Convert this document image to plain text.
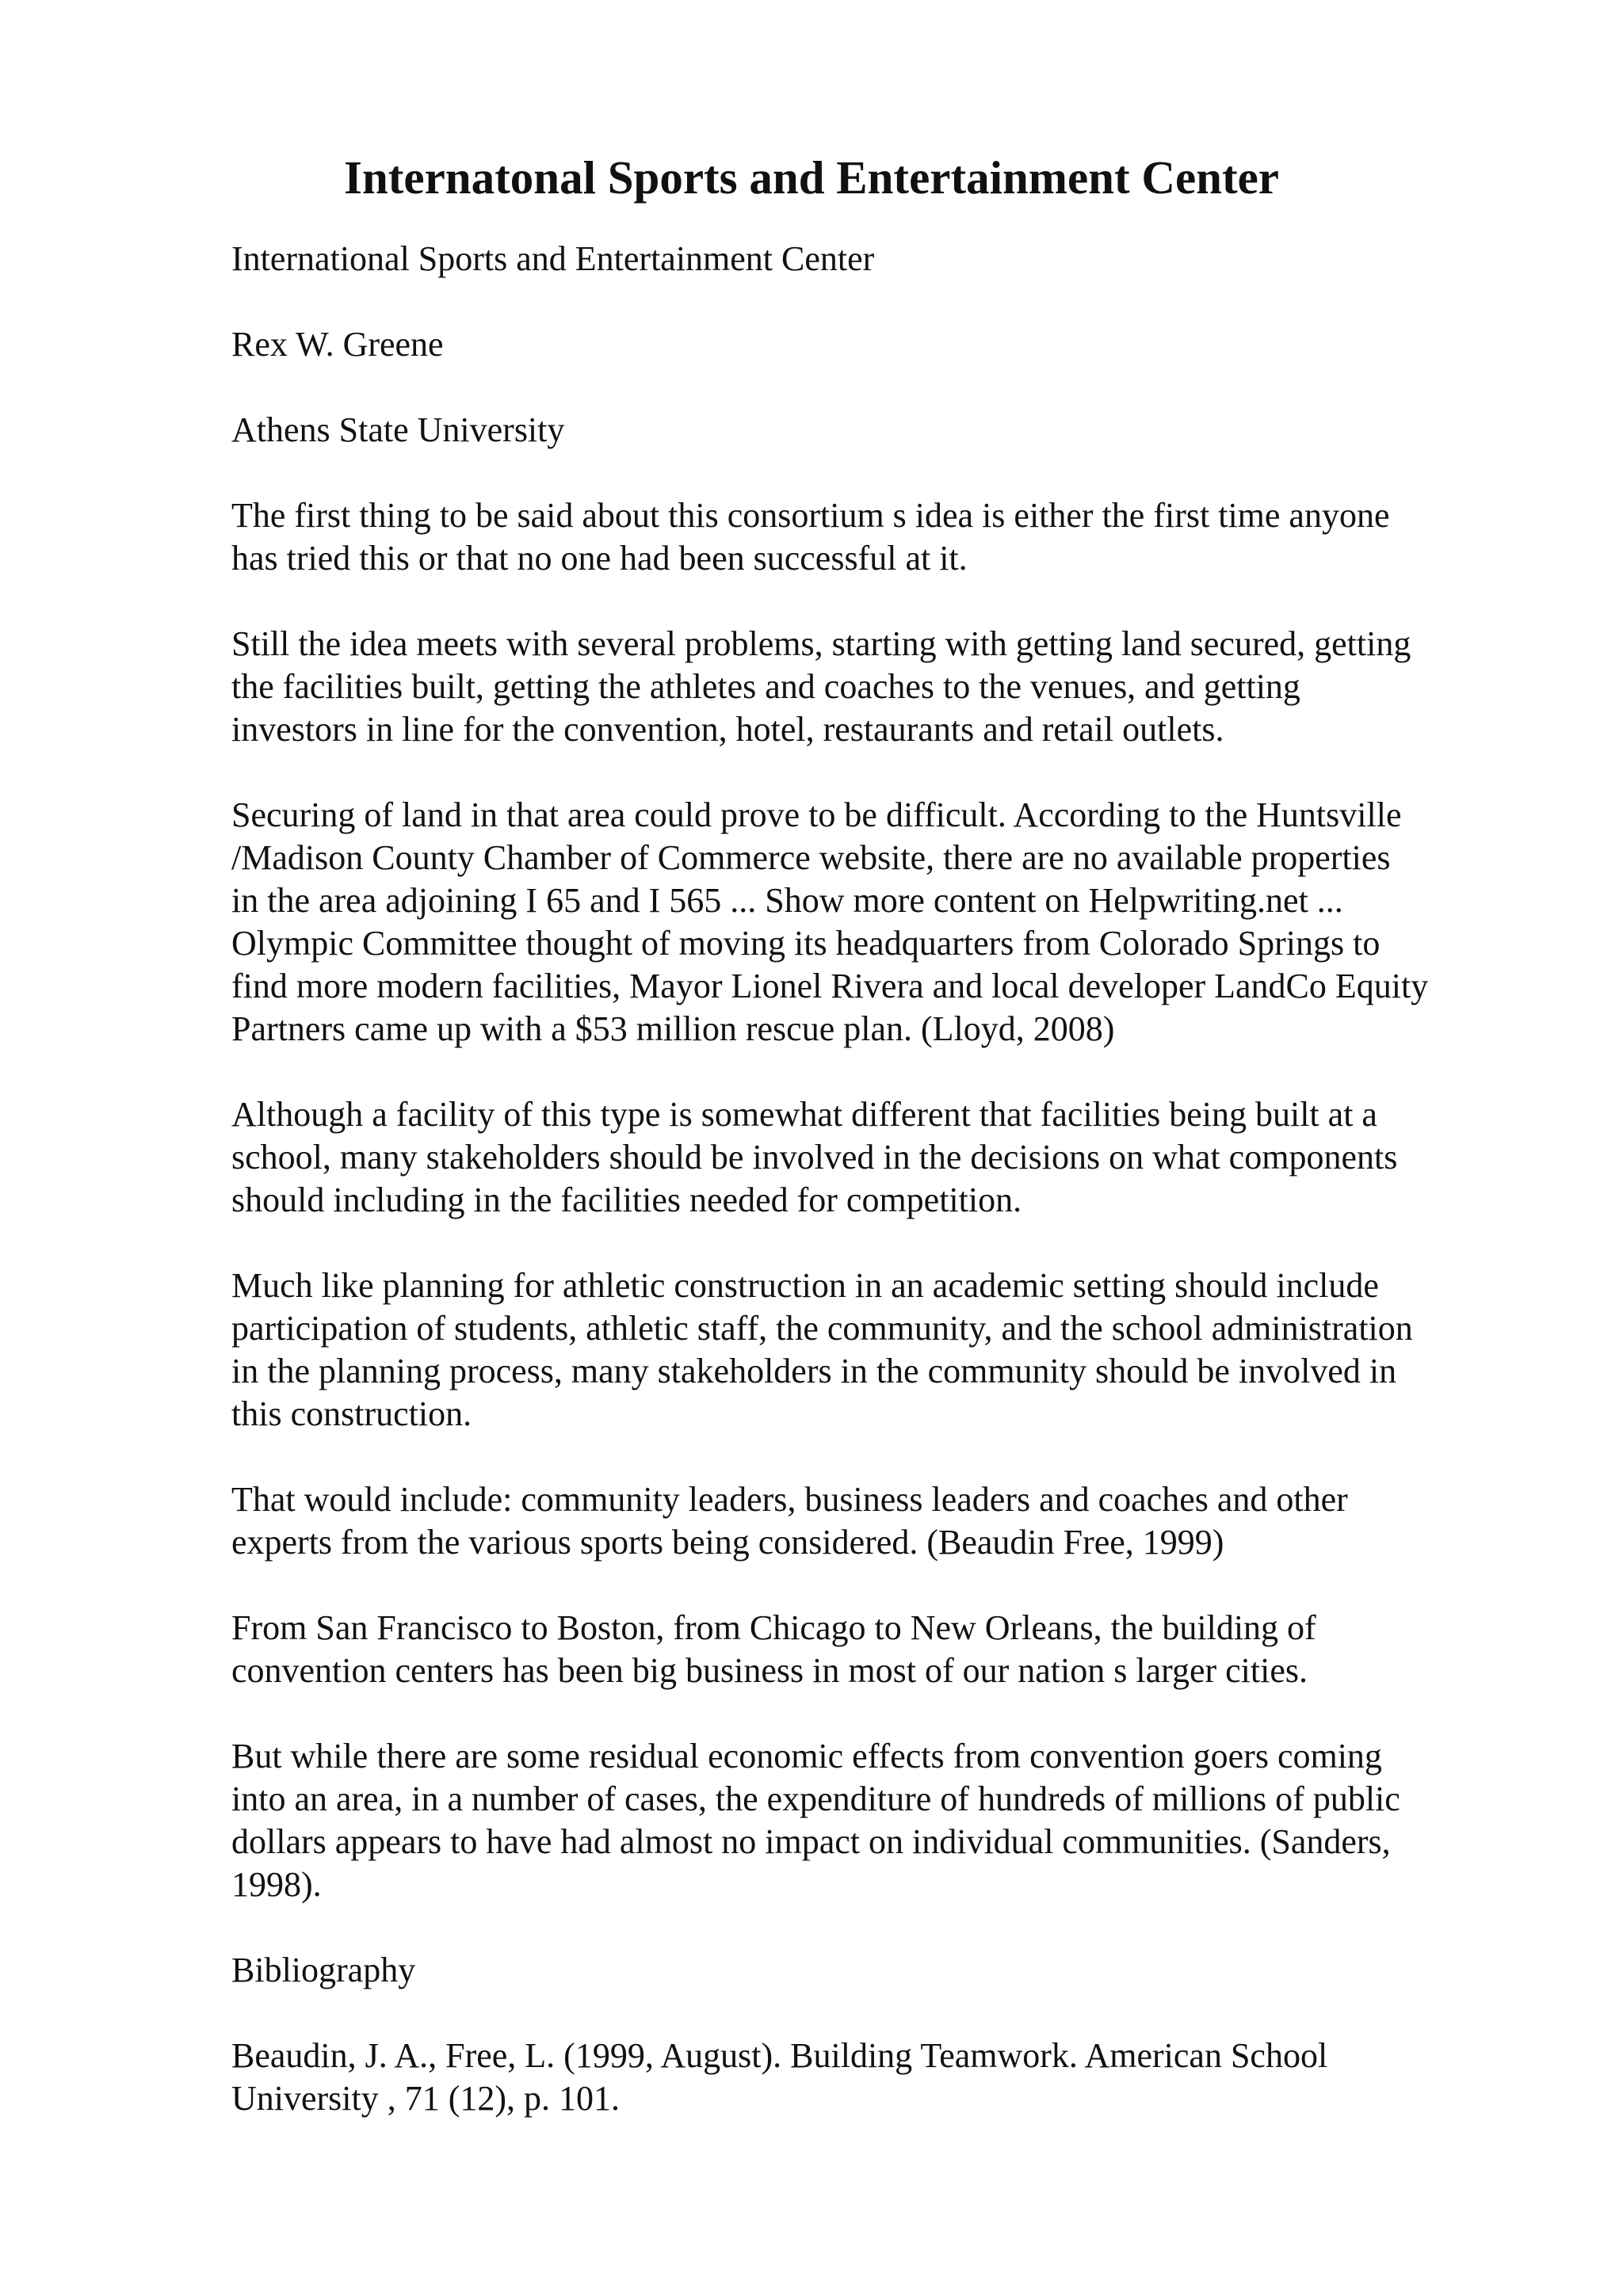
Internatonal Sports and Entertainment Center

International Sports and Entertainment Center

Rex W. Greene

Athens State University

The first thing to be said about this consortium s idea is either the first time anyone
has tried this or that no one had been successful at it.

Still the idea meets with several problems, starting with getting land secured, getting
the facilities built, getting the athletes and coaches to the venues, and getting
investors in line for the convention, hotel, restaurants and retail outlets.

Securing of land in that area could prove to be difficult. According to the Huntsville
/Madison County Chamber of Commerce website, there are no available properties
in the area adjoining I 65 and I 565 ... Show more content on Helpwriting.net ...
Olympic Committee thought of moving its headquarters from Colorado Springs to
find more modern facilities, Mayor Lionel Rivera and local developer LandCo Equity
Partners came up with a $53 million rescue plan. (Lloyd, 2008)

Although a facility of this type is somewhat different that facilities being built at a
school, many stakeholders should be involved in the decisions on what components
should including in the facilities needed for competition.

Much like planning for athletic construction in an academic setting should include
participation of students, athletic staff, the community, and the school administration
in the planning process, many stakeholders in the community should be involved in
this construction.

That would include: community leaders, business leaders and coaches and other
experts from the various sports being considered. (Beaudin Free, 1999)

From San Francisco to Boston, from Chicago to New Orleans, the building of
convention centers has been big business in most of our nation s larger cities.

But while there are some residual economic effects from convention goers coming
into an area, in a number of cases, the expenditure of hundreds of millions of public
dollars appears to have had almost no impact on individual communities. (Sanders,
1998).

Bibliography

Beaudin, J. A., Free, L. (1999, August). Building Teamwork. American School
University , 71 (12), p. 101.
